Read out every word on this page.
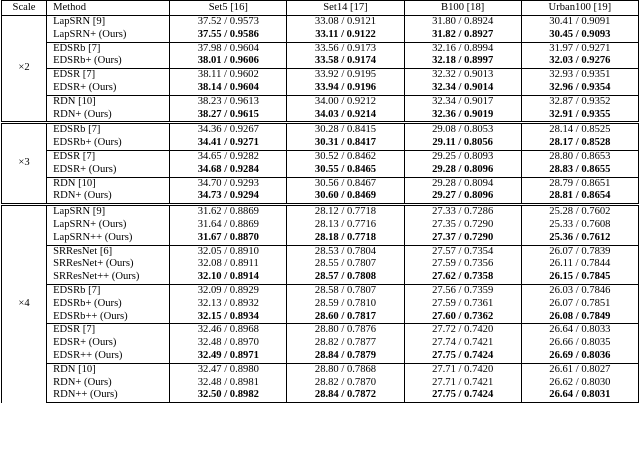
Scale	Method	Set5 [16]	Set14 [17]	B100 [18]	Urban100 [19]
×2	LapSRN [9]	37.52 / 0.9573	33.08 / 0.9121	31.80 / 0.8924	30.41 / 0.9091
	LapSRN+ (Ours)	37.55 / 0.9586	33.11 / 0.9122	31.82 / 0.8927	30.45 / 0.9093
	EDSRb [7]	37.98 / 0.9604	33.56 / 0.9173	32.16 / 0.8994	31.97 / 0.9271
	EDSRb+ (Ours)	38.01 / 0.9606	33.58 / 0.9174	32.18 / 0.8997	32.03 / 0.9276
	EDSR [7]	38.11 / 0.9602	33.92 / 0.9195	32.32 / 0.9013	32.93 / 0.9351
	EDSR+ (Ours)	38.14 / 0.9604	33.94 / 0.9196	32.34 / 0.9014	32.96 / 0.9354
	RDN [10]	38.23 / 0.9613	34.00 / 0.9212	32.34 / 0.9017	32.87 / 0.9352
	RDN+ (Ours)	38.27 / 0.9615	34.03 / 0.9214	32.36 / 0.9019	32.91 / 0.9355
×3	EDSRb [7]	34.36 / 0.9267	30.28 / 0.8415	29.08 / 0.8053	28.14 / 0.8525
	EDSRb+ (Ours)	34.41 / 0.9271	30.31 / 0.8417	29.11 / 0.8056	28.17 / 0.8528
	EDSR [7]	34.65 / 0.9282	30.52 / 0.8462	29.25 / 0.8093	28.80 / 0.8653
	EDSR+ (Ours)	34.68 / 0.9284	30.55 / 0.8465	29.28 / 0.8096	28.83 / 0.8655
	RDN [10]	34.70 / 0.9293	30.56 / 0.8467	29.28 / 0.8094	28.79 / 0.8651
	RDN+ (Ours)	34.73 / 0.9294	30.60 / 0.8469	29.27 / 0.8096	28.81 / 0.8654
×4	LapSRN [9]	31.62 / 0.8869	28.12 / 0.7718	27.33 / 0.7286	25.28 / 0.7602
	LapSRN+ (Ours)	31.64 / 0.8869	28.13 / 0.7716	27.35 / 0.7290	25.33 / 0.7608
	LapSRN++ (Ours)	31.67 / 0.8870	28.18 / 0.7718	27.37 / 0.7290	25.36 / 0.7612
	SRResNet [6]	32.05 / 0.8910	28.53 / 0.7804	27.57 / 0.7354	26.07 / 0.7839
	SRResNet+ (Ours)	32.08 / 0.8911	28.55 / 0.7807	27.59 / 0.7356	26.11 / 0.7844
	SRResNet++ (Ours)	32.10 / 0.8914	28.57 / 0.7808	27.62 / 0.7358	26.15 / 0.7845
	EDSRb [7]	32.09 / 0.8929	28.58 / 0.7807	27.56 / 0.7359	26.03 / 0.7846
	EDSRb+ (Ours)	32.13 / 0.8932	28.59 / 0.7810	27.59 / 0.7361	26.07 / 0.7851
	EDSRb++ (Ours)	32.15 / 0.8934	28.60 / 0.7817	27.60 / 0.7362	26.08 / 0.7849
	EDSR [7]	32.46 / 0.8968	28.80 / 0.7876	27.72 / 0.7420	26.64 / 0.8033
	EDSR+ (Ours)	32.48 / 0.8970	28.82 / 0.7877	27.74 / 0.7421	26.66 / 0.8035
	EDSR++ (Ours)	32.49 / 0.8971	28.84 / 0.7879	27.75 / 0.7424	26.69 / 0.8036
	RDN [10]	32.47 / 0.8980	28.80 / 0.7868	27.71 / 0.7420	26.61 / 0.8027
	RDN+ (Ours)	32.48 / 0.8981	28.82 / 0.7870	27.71 / 0.7421	26.62 / 0.8030
	RDN++ (Ours)	32.50 / 0.8982	28.84 / 0.7872	27.75 / 0.7424	26.64 / 0.8031
